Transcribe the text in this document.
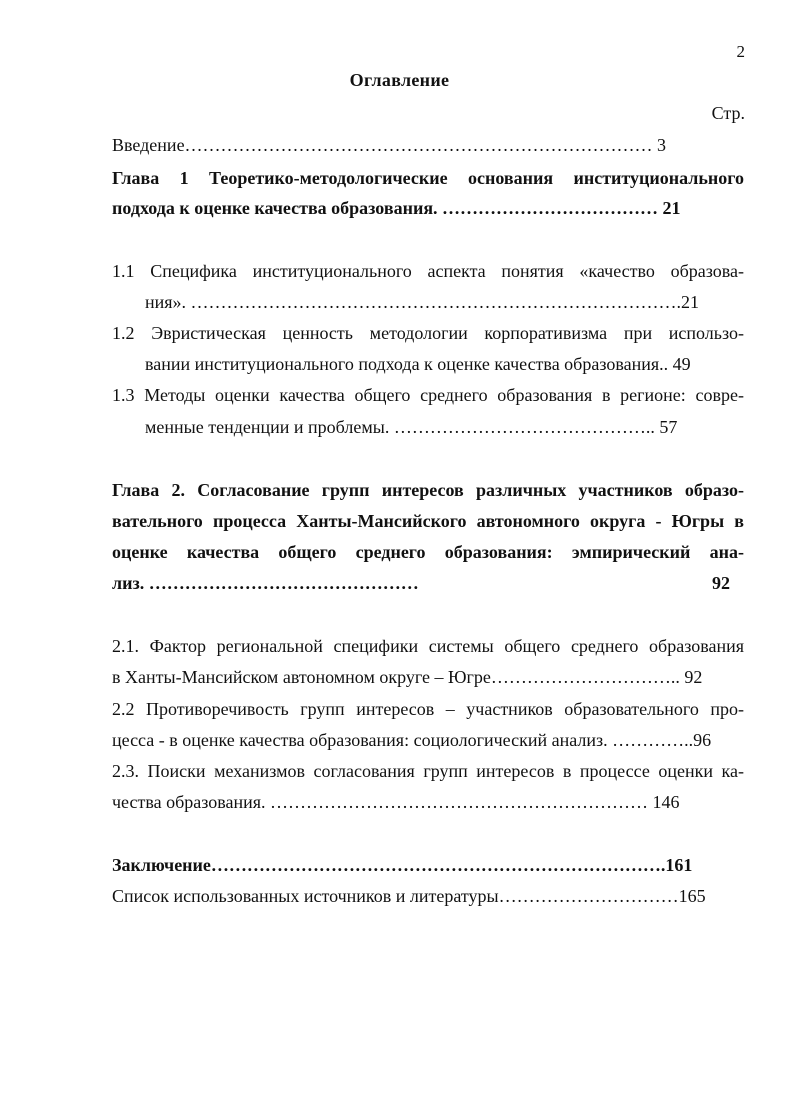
2
Оглавление
Стр.
Введение…………………………………………………………………… 3
Глава 1 Теоретико-методологические основания институционального
подхода к оценке качества образования. ……………………………… 21
1.1 Специфика институционального аспекта понятия «качество образова-
ния». ……………………………………………………………………….21
1.2 Эвристическая ценность методологии корпоративизма при использо-
вании институционального подхода к оценке качества образования.. 49
1.3 Методы оценки качества общего среднего образования в регионе: совре-
менные тенденции и проблемы. …………………………………….. 57
Глава 2. Согласование групп интересов различных участников образо-
вательного процесса Ханты-Мансийского автономного округа - Югры в
оценке качества общего среднего образования: эмпирический ана-
лиз. ………………………………………	92
2.1. Фактор региональной специфики системы общего среднего образования
в Ханты-Мансийском автономном округе – Югре………………………….. 92
2.2 Противоречивость групп интересов – участников образовательного про-
цесса - в оценке качества образования: социологический анализ. …………..96
2.3. Поиски механизмов согласования групп интересов в процессе оценки ка-
чества образования. ……………………………………………………… 146
Заключение………………………………………………………………….161
Список использованных источников и литературы…………………………165
